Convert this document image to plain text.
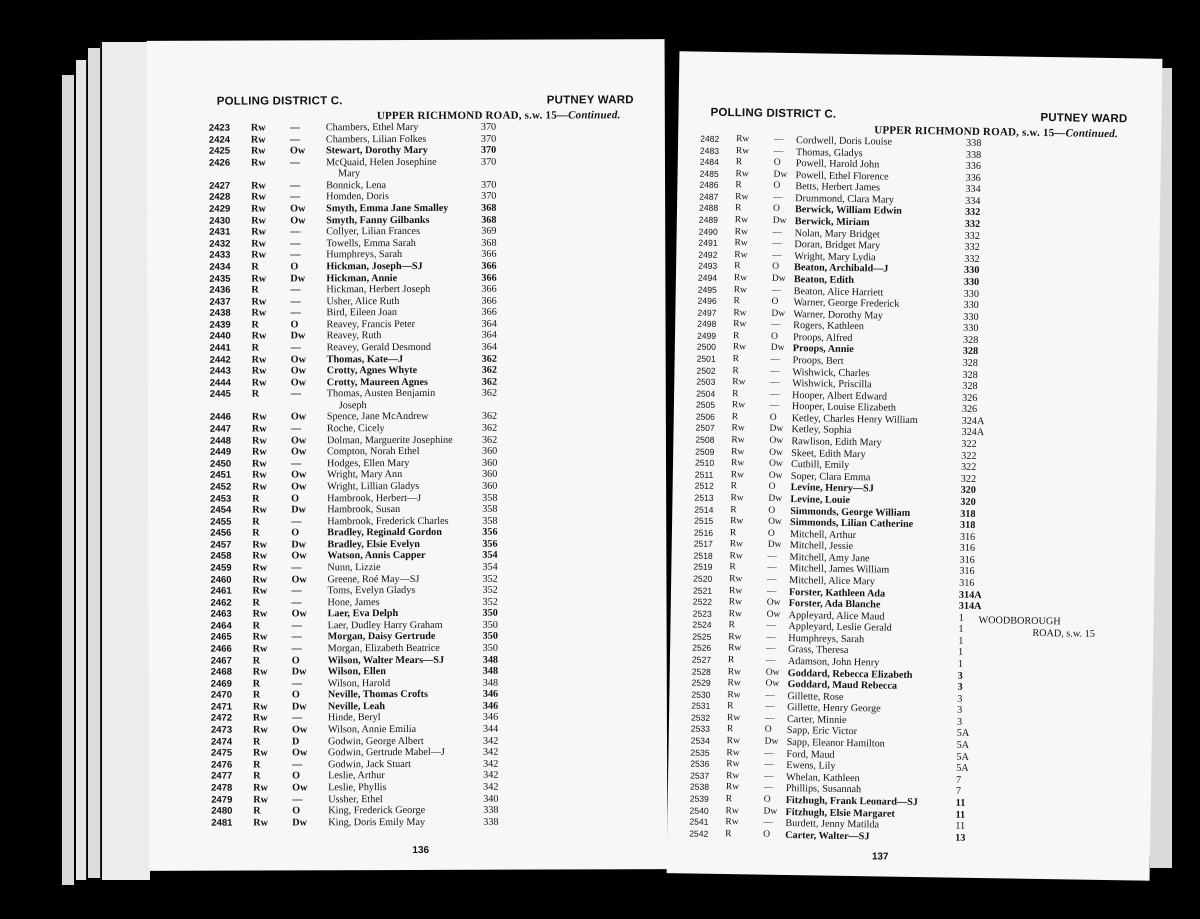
POLLING DISTRICT C.	PUTNEY WARD
UPPER RICHMOND ROAD, s.w. 15—Continued.
2423 Rw —	Chambers, Ethel Mary	370
2424 Rw —	Chambers, Lilian Folkes	370
2425 Rw Ow Stewart, Dorothy Mary	370
2426 Rw —	McQuaid, Helen Josephine	370
Mary
2427 Rw —	Bonnick, Lena	370
2428 Rw —	Homden, Doris	370
2429 Rw Ow Smyth, Emma Jane Smalley	368
2430 Rw Ow Smyth, Fanny Gilbanks	368
2431 Rw —	Collyer, Lilian Frances	369
2432 Rw —	Towells, Emma Sarah	368
2433 Rw —	Humphreys, Sarah	366
2434 R	O	Hickman, Joseph—SJ	366
2435 Rw Dw Hickman, Annie	366
2436 R	—	Hickman, Herbert Joseph	366
2437 Rw —	Usher, Alice Ruth	366
2438 Rw —	Bird, Eileen Joan	366
2439 R	O	Reavey, Francis Peter	364
2440 Rw Dw Reavey, Ruth	364
2441 R	—	Reavey, Gerald Desmond	364
2442 Rw Ow Thomas, Kate—J	362
2443 Rw Ow Crotty, Agnes Whyte	362
2444 Rw Ow Crotty, Maureen Agnes	362
2445 R	—	Thomas, Austen Benjamin	362
Joseph
2446 Rw Ow Spence, Jane McAndrew	362
2447 Rw —	Roche, Cicely	362
2448 Rw Ow Dolman, Marguerite Josephine	362
2449 Rw Ow Compton, Norah Ethel	360
2450 Rw —	Hodges, Ellen Mary	360
2451 Rw Ow Wright, Mary Ann	360
2452 Rw Ow Wright, Lillian Gladys	360
2453 R	O	Hambrook, Herbert—J	358
2454 Rw Dw Hambrook, Susan	358
2455 R	—	Hambrook, Frederick Charles	358
2456 R	O	Bradley, Reginald Gordon	356
2457 Rw Dw Bradley, Elsie Evelyn	356
2458 Rw Ow Watson, Annis Capper	354
2459 Rw —	Nunn, Lizzie	354
2460 Rw Ow Greene, Roé May—SJ	352
2461 Rw —	Toms, Evelyn Gladys	352
2462 R	—	Hone, James	352
2463 Rw Ow Laer, Eva Delph	350
2464 R	—	Laer, Dudley Harry Graham	350
2465 Rw —	Morgan, Daisy Gertrude	350
2466 Rw —	Morgan, Elizabeth Beatrice	350
2467 R	O	Wilson, Walter Mears—SJ	348
2468 Rw Dw Wilson, Ellen	348
2469 R	—	Wilson, Harold	348
2470 R	O	Neville, Thomas Crofts	346
2471 Rw Dw Neville, Leah	346
2472 Rw —	Hinde, Beryl	346
2473 Rw Ow Wilson, Annie Emilia	344
2474 R	D	Godwin, George Albert	342
2475 Rw Ow Godwin, Gertrude Mabel—J	342
2476 R	—	Godwin, Jack Stuart	342
2477 R	O	Leslie, Arthur	342
2478 Rw Ow Leslie, Phyllis	342
2479 Rw —	Ussher, Ethel	340
2480 R	O	King, Frederick George	338
2481 Rw Dw King, Doris Emily May	338
136
POLLING DISTRICT C.	PUTNEY WARD
UPPER RICHMOND ROAD, s.w. 15—Continued.
2482 Rw	— Cordwell, Doris Louise	338
2483 Rw	— Thomas, Gladys	338
2484 R	O Powell, Harold John	336
2485 Rw	Dw Powell, Ethel Florence	336
2486 R	O Betts, Herbert James	334
2487 Rw	— Drummond, Clara Mary	334
2488 R	O Berwick, William Edwin	332
2489 Rw	Dw Berwick, Miriam	332
2490 Rw	— Nolan, Mary Bridget	332
2491 Rw	— Doran, Bridget Mary	332
2492 Rw	— Wright, Mary Lydia	332
2493 R	O Beaton, Archibald—J	330
2494 Rw	Dw Beaton, Edith	330
2495 Rw	— Beaton, Alice Harriett	330
2496 R	O Warner, George Frederick	330
2497 Rw	Dw Warner, Dorothy May	330
2498 Rw	— Rogers, Kathleen	330
2499 R	O Proops, Alfred	328
2500 Rw	Dw Proops, Annie	328
2501 R	— Proops, Bert	328
2502 R	— Wishwick, Charles	328
2503 Rw	— Wishwick, Priscilla	328
2504 R	— Hooper, Albert Edward	326
2505 Rw	— Hooper, Louise Elizabeth	326
2506 R	O Ketley, Charles Henry William	324A
2507 Rw	Dw Ketley, Sophia	324A
2508 Rw	Ow Rawlison, Edith Mary	322
2509 Rw	Ow Skeet, Edith Mary	322
2510 Rw	Ow Cutbill, Emily	322
2511 Rw	Ow Soper, Clara Emma	322
2512 R	O Levine, Henry—SJ	320
2513 Rw	Dw Levine, Louie	320
2514 R	O Simmonds, George William	318
2515 Rw	Ow Simmonds, Lilian Catherine	318
2516 R	O Mitchell, Arthur	316
2517 Rw	Dw Mitchell, Jessie	316
2518 Rw	— Mitchell, Amy Jane	316
2519 R	— Mitchell, James William	316
2520 Rw	— Mitchell, Alice Mary	316
2521 Rw	— Forster, Kathleen Ada	314A
2522 Rw	Ow Forster, Ada Blanche	314A
2523 Rw	Ow Appleyard, Alice Maud	1
2524 R	— Appleyard, Leslie Gerald	1
2525 Rw	— Humphreys, Sarah	1
2526 Rw	— Grass, Theresa	1
2527 R	— Adamson, John Henry	1
2528 Rw	Ow Goddard, Rebecca Elizabeth	3
2529 Rw	Ow Goddard, Maud Rebecca	3
2530 Rw	— Gillette, Rose	3
2531 R	— Gillette, Henry George	3
2532 Rw	— Carter, Minnie	3
2533 R	O Sapp, Eric Victor	5A
2534 Rw	Dw Sapp, Eleanor Hamilton	5A
2535 Rw	— Ford, Maud	5A
2536 Rw	— Ewens, Lily	5A
2537 Rw	— Whelan, Kathleen	7
2538 Rw	— Phillips, Susannah	7
2539 R	O Fitzhugh, Frank Leonard—SJ	11
2540 Rw	Dw Fitzhugh, Elsie Margaret	11
2541 Rw	— Burdett, Jenny Matilda	11
2542 R	O Carter, Walter—SJ	13
WOODBOROUGH
ROAD, s.w. 15
137
